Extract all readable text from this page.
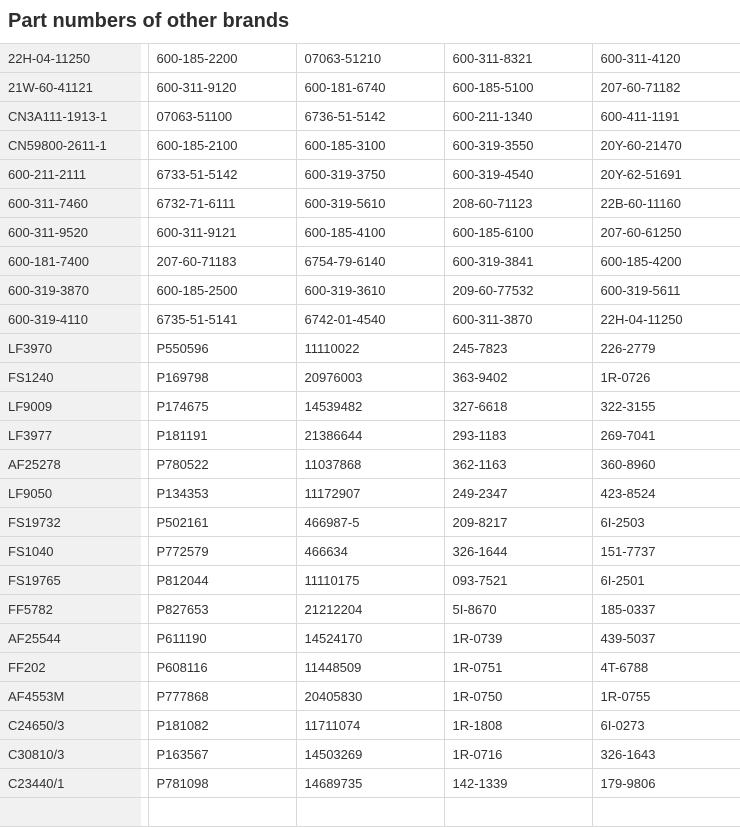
Part numbers of other brands
22H-04-11250	600-185-2200	07063-51210	600-311-8321	600-311-4120
21W-60-41121	600-311-9120	600-181-6740	600-185-5100	207-60-71182
CN3A111-1913-1	07063-51100	6736-51-5142	600-211-1340	600-411-1191
CN59800-2611-1	600-185-2100	600-185-3100	600-319-3550	20Y-60-21470
600-211-2111	6733-51-5142	600-319-3750	600-319-4540	20Y-62-51691
600-311-7460	6732-71-6111	600-319-5610	208-60-71123	22B-60-11160
600-311-9520	600-311-9121	600-185-4100	600-185-6100	207-60-61250
600-181-7400	207-60-71183	6754-79-6140	600-319-3841	600-185-4200
600-319-3870	600-185-2500	600-319-3610	209-60-77532	600-319-5611
600-319-4110	6735-51-5141	6742-01-4540	600-311-3870	22H-04-11250
LF3970	P550596	11110022	245-7823	226-2779
FS1240	P169798	20976003	363-9402	1R-0726
LF9009	P174675	14539482	327-6618	322-3155
LF3977	P181191	21386644	293-1183	269-7041
AF25278	P780522	11037868	362-1163	360-8960
LF9050	P134353	11172907	249-2347	423-8524
FS19732	P502161	466987-5	209-8217	6I-2503
FS1040	P772579	466634	326-1644	151-7737
FS19765	P812044	11110175	093-7521	6I-2501
FF5782	P827653	21212204	5I-8670	185-0337
AF25544	P611190	14524170	1R-0739	439-5037
FF202	P608116	11448509	1R-0751	4T-6788
AF4553M	P777868	20405830	1R-0750	1R-0755
C24650/3	P181082	11711074	1R-1808	6I-0273
C30810/3	P163567	14503269	1R-0716	326-1643
C23440/1	P781098	14689735	142-1339	179-9806
